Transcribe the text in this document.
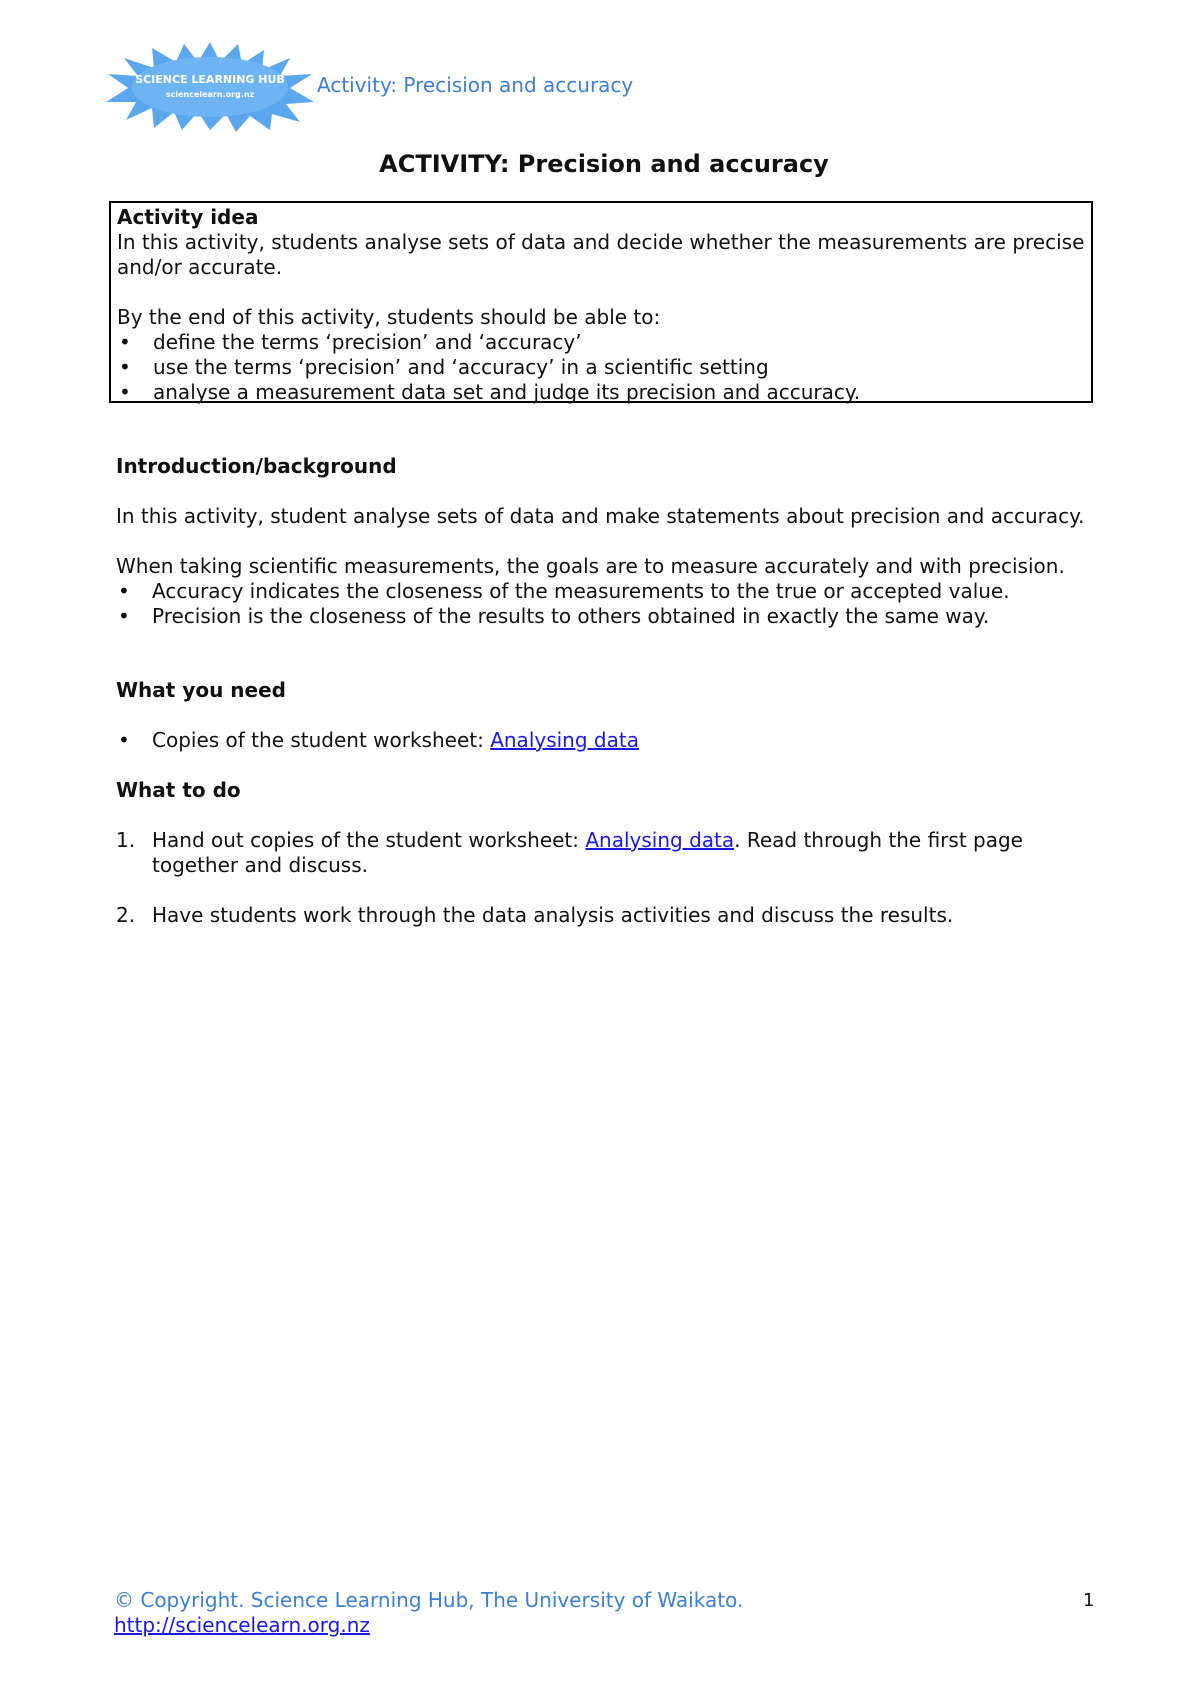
SCIENCE LEARNING HUB
sciencelearn.org.nz	Activity: Precision and accuracy
ACTIVITY: Precision and accuracy

Activity idea

In this activity, students analyse sets of data and decide whether the measurements are precise and/or accurate.

By the end of this activity, students should be able to:

•	define the terms ‘precision’ and ‘accuracy’
•	use the terms ‘precision’ and ‘accuracy’ in a scientific setting
•	analyse a measurement data set and judge its precision and accuracy.
Introduction/background

In this activity, student analyse sets of data and make statements about precision and accuracy.

When taking scientific measurements, the goals are to measure accurately and with precision.

•	Accuracy indicates the closeness of the measurements to the true or accepted value.
•	Precision is the closeness of the results to others obtained in exactly the same way.
What you need
•	Copies of the student worksheet: Analysing data
What to do
1. Hand out copies of the student worksheet: Analysing data. Read through the first page together and discuss.
2. Have students work through the data analysis activities and discuss the results.
© Copyright. Science Learning Hub, The University of Waikato.
http://sciencelearn.org.nz
1
